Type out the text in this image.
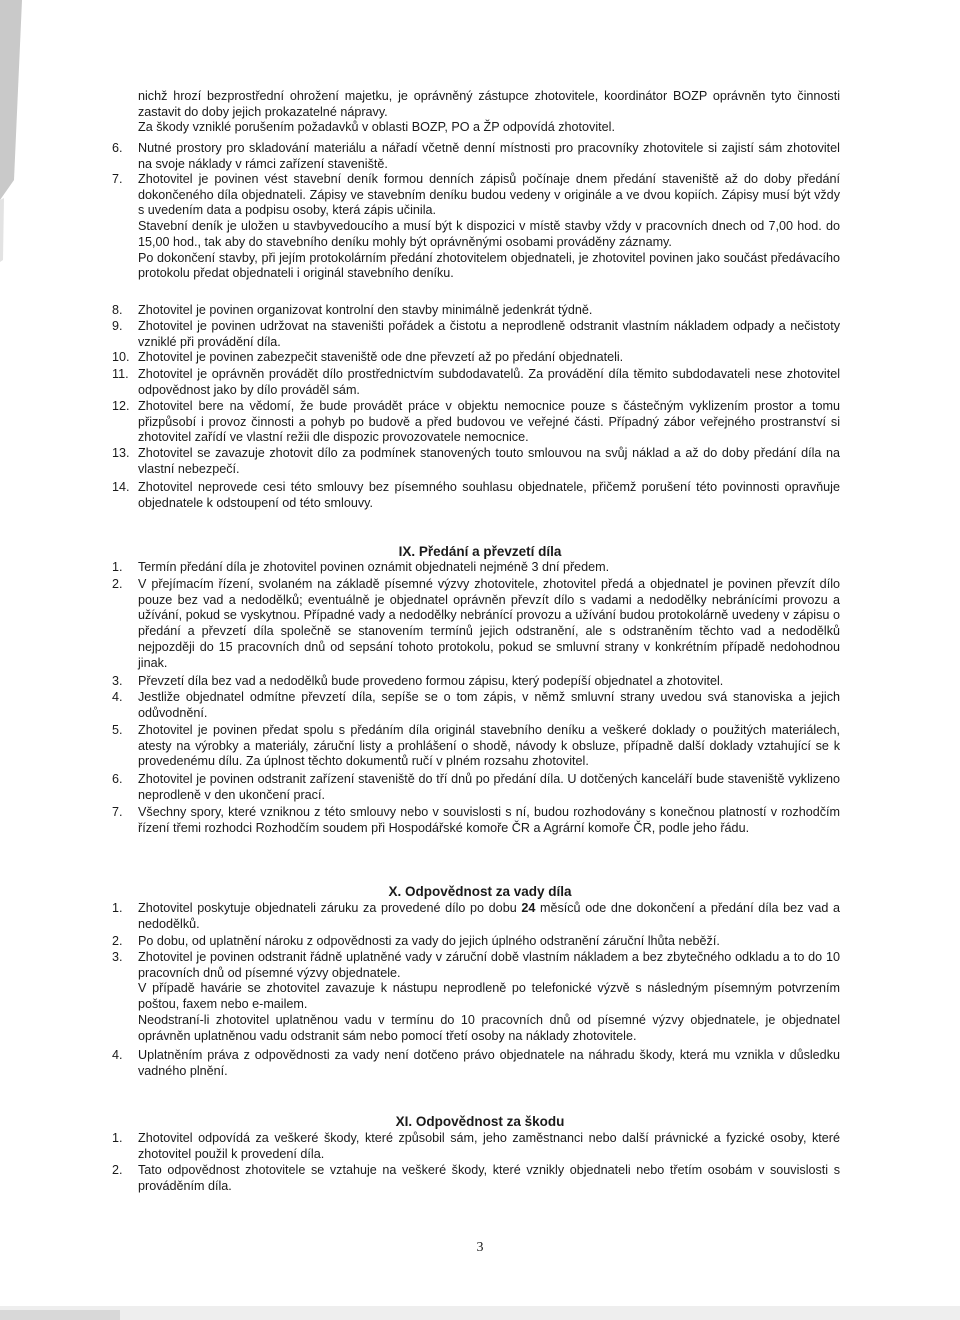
nichž hrozí bezprostřední ohrožení majetku, je oprávněný zástupce zhotovitele, koordinátor BOZP oprávněn tyto činnosti zastavit do doby jejich prokazatelné nápravy.

Za škody vzniklé porušením požadavků v oblasti BOZP, PO a ŽP odpovídá zhotovitel.

6.	Nutné prostory pro skladování materiálu a nářadí včetně denní místnosti pro pracovníky zhotovitele si zajistí sám zhotovitel na svoje náklady v rámci zařízení staveniště.

7.	Zhotovitel je povinen vést stavební deník formou denních zápisů počínaje dnem předání staveniště až do doby předání dokončeného díla objednateli. Zápisy ve stavebním deníku budou vedeny v originále a ve dvou kopiích. Zápisy musí být vždy s uvedením data a podpisu osoby, která zápis učinila.

Stavební deník je uložen u stavbyvedoucího a musí být k dispozici v místě stavby vždy v pracovních dnech od 7,00 hod. do 15,00 hod., tak aby do stavebního deníku mohly být oprávněnými osobami prováděny záznamy.

Po dokončení stavby, při jejím protokolárním předání zhotovitelem objednateli, je zhotovitel povinen jako součást předávacího protokolu předat objednateli i originál stavebního deníku.

8.	Zhotovitel je povinen organizovat kontrolní den stavby minimálně jedenkrát týdně.

9.	Zhotovitel je povinen udržovat na staveništi pořádek a čistotu a neprodleně odstranit vlastním nákladem odpady a nečistoty vzniklé při provádění díla.

10. Zhotovitel je povinen zabezpečit staveniště ode dne převzetí až po předání objednateli.

11. Zhotovitel je oprávněn provádět dílo prostřednictvím subdodavatelů. Za provádění díla těmito subdodavateli nese zhotovitel odpovědnost jako by dílo prováděl sám.

12. Zhotovitel bere na vědomí, že bude provádět práce v objektu nemocnice pouze s částečným vyklizením prostor a tomu přizpůsobí i provoz činnosti a pohyb po budově a před budovou ve veřejné části. Případný zábor veřejného prostranství si zhotovitel zařídí ve vlastní režii dle dispozic provozovatele nemocnice.

13. Zhotovitel se zavazuje zhotovit dílo za podmínek stanovených touto smlouvou na svůj náklad a až do doby předání díla na vlastní nebezpečí.

14. Zhotovitel neprovede cesi této smlouvy bez písemného souhlasu objednatele, přičemž porušení této povinnosti opravňuje objednatele k odstoupení od této smlouvy.

IX. Předání a převzetí díla
1.	Termín předání díla je zhotovitel povinen oznámit objednateli nejméně 3 dní předem.

2.	V přejímacím řízení, svolaném na základě písemné výzvy zhotovitele, zhotovitel předá a objednatel je povinen převzít dílo pouze bez vad a nedodělků; eventuálně je objednatel oprávněn převzít dílo s vadami a nedodělky nebránícími provozu a užívání, pokud se vyskytnou. Případné vady a nedodělky nebránící provozu a užívání budou protokolárně uvedeny v zápisu o předání a převzetí díla společně se stanovením termínů jejich odstranění, ale s odstraněním těchto vad a nedodělků nejpozději do 15 pracovních dnů od sepsání tohoto protokolu, pokud se smluvní strany v konkrétním případě nedohodnou jinak.

3.	Převzetí díla bez vad a nedodělků bude provedeno formou zápisu, který podepíší objednatel a zhotovitel.

4.	Jestliže objednatel odmítne převzetí díla, sepíše se o tom zápis, v němž smluvní strany uvedou svá stanoviska a jejich odůvodnění.

5.	Zhotovitel je povinen předat spolu s předáním díla originál stavebního deníku a veškeré doklady o použitých materiálech, atesty na výrobky a materiály, záruční listy a prohlášení o shodě, návody k obsluze, případně další doklady vztahující se k provedenému dílu. Za úplnost těchto dokumentů ručí v plném rozsahu zhotovitel.

6.	Zhotovitel je povinen odstranit zařízení staveniště do tří dnů po předání díla. U dotčených kanceláří bude staveniště vyklizeno neprodleně v den ukončení prací.

7.	Všechny spory, které vzniknou z této smlouvy nebo v souvislosti s ní, budou rozhodovány s konečnou platností v rozhodčím řízení třemi rozhodci Rozhodčím soudem při Hospodářské komoře ČR a Agrární komoře ČR, podle jeho řádu.

X. Odpovědnost za vady díla
1.	Zhotovitel poskytuje objednateli záruku za provedené dílo po dobu 24 měsíců ode dne dokončení a předání díla bez vad a nedodělků.

2.	Po dobu, od uplatnění nároku z odpovědnosti za vady do jejich úplného odstranění záruční lhůta neběží.

3.	Zhotovitel je povinen odstranit řádně uplatněné vady v záruční době vlastním nákladem a bez zbytečného odkladu a to do 10 pracovních dnů od písemné výzvy objednatele.

V případě havárie se zhotovitel zavazuje k nástupu neprodleně po telefonické výzvě s následným písemným potvrzením poštou, faxem nebo e-mailem.

Neodstraní-li zhotovitel uplatněnou vadu v termínu do 10 pracovních dnů od písemné výzvy objednatele, je objednatel oprávněn uplatněnou vadu odstranit sám nebo pomocí třetí osoby na náklady zhotovitele.

4.	Uplatněním práva z odpovědnosti za vady není dotčeno právo objednatele na náhradu škody, která mu vznikla v důsledku vadného plnění.

XI. Odpovědnost za škodu
1.	Zhotovitel odpovídá za veškeré škody, které způsobil sám, jeho zaměstnanci nebo další právnické a fyzické osoby, které zhotovitel použil k provedení díla.

2.	Tato odpovědnost zhotovitele se vztahuje na veškeré škody, které vznikly objednateli nebo třetím osobám v souvislosti s prováděním díla.

3
